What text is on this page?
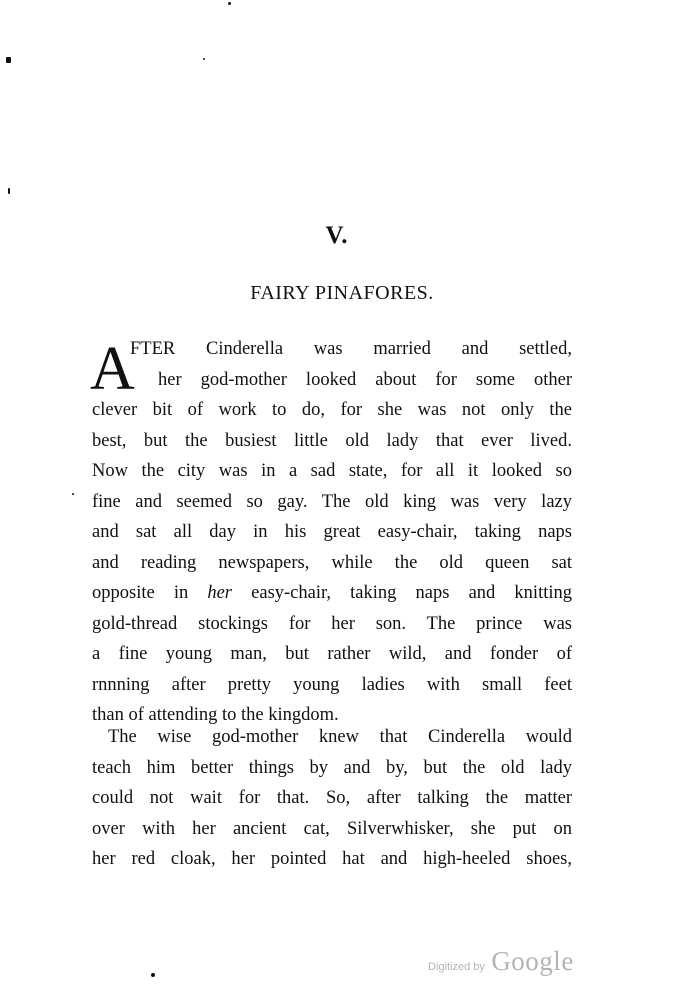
V.
FAIRY PINAFORES.
A
FTER Cinderella was married and settled,
her god-mother looked about for some other
clever bit of work to do, for she was not only the
best, but the busiest little old lady that ever lived.
Now the city was in a sad state, for all it looked so
fine and seemed so gay. The old king was very lazy
and sat all day in his great easy-chair, taking naps
and reading newspapers, while the old queen sat
opposite in her easy-chair, taking naps and knitting
gold-thread stockings for her son. The prince was
a fine young man, but rather wild, and fonder of
rnnning after pretty young ladies with small feet
than of attending to the kingdom.
The wise god-mother knew that Cinderella would
teach him better things by and by, but the old lady
could not wait for that. So, after talking the matter
over with her ancient cat, Silverwhisker, she put on
her red cloak, her pointed hat and high-heeled shoes,
Digitized by Google
